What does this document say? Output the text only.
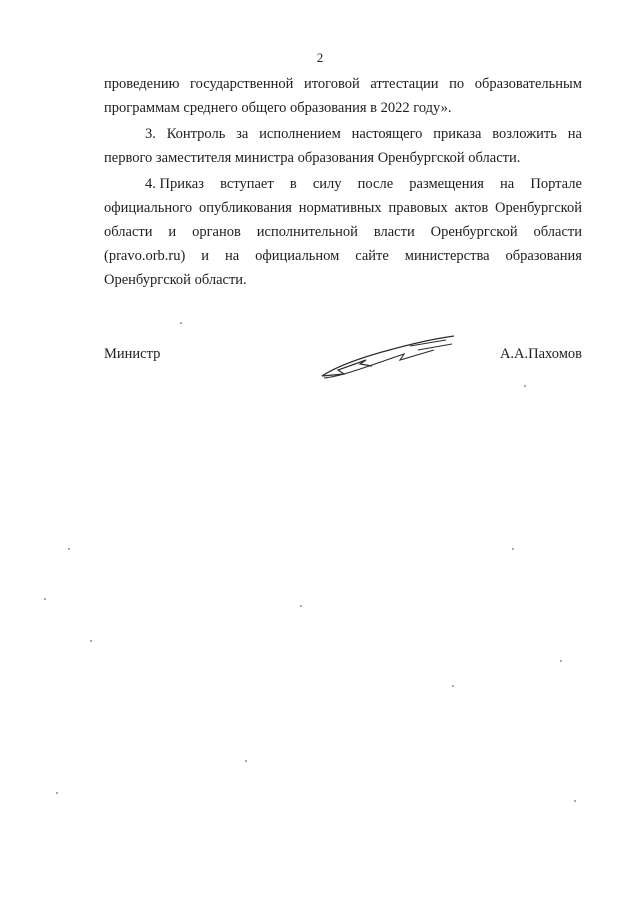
2
проведению государственной итоговой аттестации по образовательным
программам среднего общего образования в 2022 году».
3. Контроль за исполнением настоящего приказа возложить на
первого заместителя министра образования Оренбургской области.
4. Приказ вступает в силу после размещения на Портале
официального опубликования нормативных правовых актов Оренбургской
области и органов исполнительной власти Оренбургской области
(pravo.orb.ru) и на официальном сайте министерства образования
Оренбургской области.
Министр	А.А.Пахомов
